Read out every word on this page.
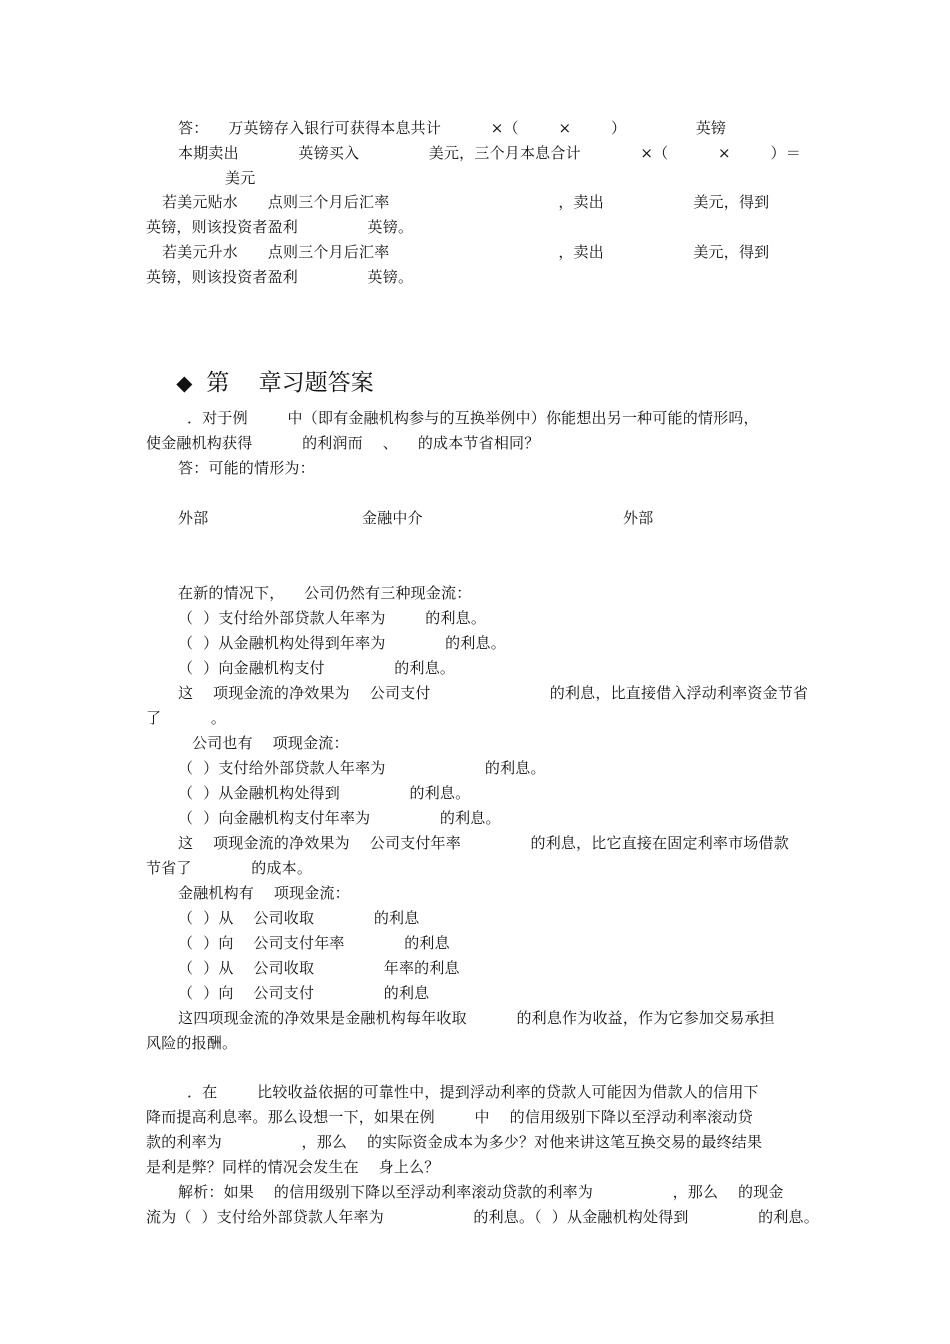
答：    万英镑存入银行可获得本息共计          ×（        ×        ）              英镑
本期卖出            英镑买入              美元，三个月本息合计            ×（          ×        ）＝
美元
若美元贴水      点则三个月后汇率                                  ，卖出                  美元，得到
英镑，则该投资者盈利              英镑。
若美元升水      点则三个月后汇率                                  ，卖出                  美元，得到
英镑，则该投资者盈利              英镑。

◆ 第    章习题答案

．对于例        中（即有金融机构参与的互换举例中）你能想出另一种可能的情形吗，
使金融机构获得          的利润而    、    的成本节省相同？
答：可能的情形为：
外部	金融中介	外部
在新的情况下，    公司仍然有三种现金流：
（  ）支付给外部贷款人年率为        的利息。
（  ）从金融机构处得到年率为            的利息。
（  ）向金融机构支付              的利息。
这    项现金流的净效果为    公司支付                        的利息，比直接借入浮动利率资金节省
了          。
公司也有    项现金流：
（  ）支付给外部贷款人年率为                    的利息。
（  ）从金融机构处得到              的利息。
（  ）向金融机构支付年率为              的利息。
这    项现金流的净效果为    公司支付年率              的利息，比它直接在固定利率市场借款
节省了            的成本。
金融机构有    项现金流：
（  ）从    公司收取            的利息
（  ）向    公司支付年率            的利息
（  ）从    公司收取              年率的利息
（  ）向    公司支付              的利息
这四项现金流的净效果是金融机构每年收取          的利息作为收益，作为它参加交易承担
风险的报酬。
．在        比较收益依据的可靠性中，提到浮动利率的贷款人可能因为借款人的信用下
降而提高利息率。那么设想一下，如果在例        中    的信用级别下降以至浮动利率滚动贷
款的利率为                ，那么    的实际资金成本为多少？对他来讲这笔互换交易的最终结果
是利是弊？同样的情况会发生在    身上么？
解析：如果    的信用级别下降以至浮动利率滚动贷款的利率为                ，那么    的现金
流为（  ）支付给外部贷款人年率为                  的利息。（  ）从金融机构处得到              的利息。
